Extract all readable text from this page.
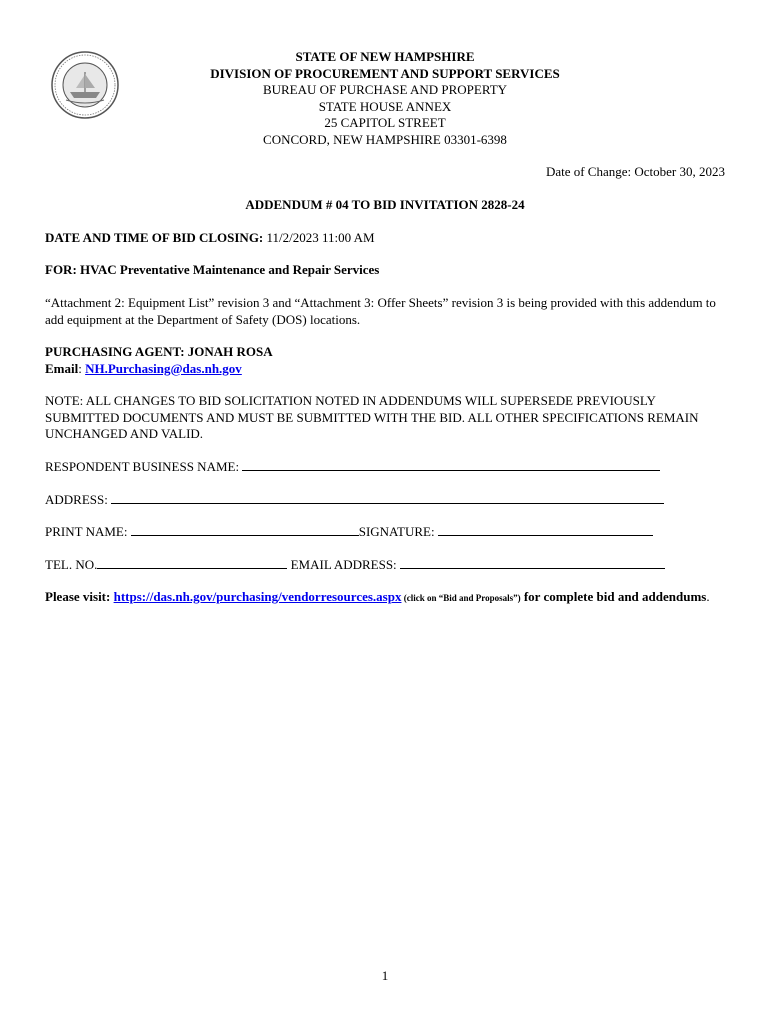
STATE OF NEW HAMPSHIRE
DIVISION OF PROCUREMENT AND SUPPORT SERVICES
BUREAU OF PURCHASE AND PROPERTY
STATE HOUSE ANNEX
25 CAPITOL STREET
CONCORD, NEW HAMPSHIRE 03301-6398
Date of Change: October 30, 2023
ADDENDUM # 04 TO BID INVITATION 2828-24
DATE AND TIME OF BID CLOSING: 11/2/2023 11:00 AM
FOR: HVAC Preventative Maintenance and Repair Services
“Attachment 2: Equipment List” revision 3 and “Attachment 3: Offer Sheets” revision 3 is being provided with this addendum to add equipment at the Department of Safety (DOS) locations.
PURCHASING AGENT: JONAH ROSA
Email: NH.Purchasing@das.nh.gov
NOTE: ALL CHANGES TO BID SOLICITATION NOTED IN ADDENDUMS WILL SUPERSEDE PREVIOUSLY SUBMITTED DOCUMENTS AND MUST BE SUBMITTED WITH THE BID. ALL OTHER SPECIFICATIONS REMAIN UNCHANGED AND VALID.
RESPONDENT BUSINESS NAME:
ADDRESS:
PRINT NAME:	SIGNATURE:
TEL. NO.	EMAIL ADDRESS:
Please visit: https://das.nh.gov/purchasing/vendorresources.aspx (click on “Bid and Proposals”) for complete bid and addendums.
1
